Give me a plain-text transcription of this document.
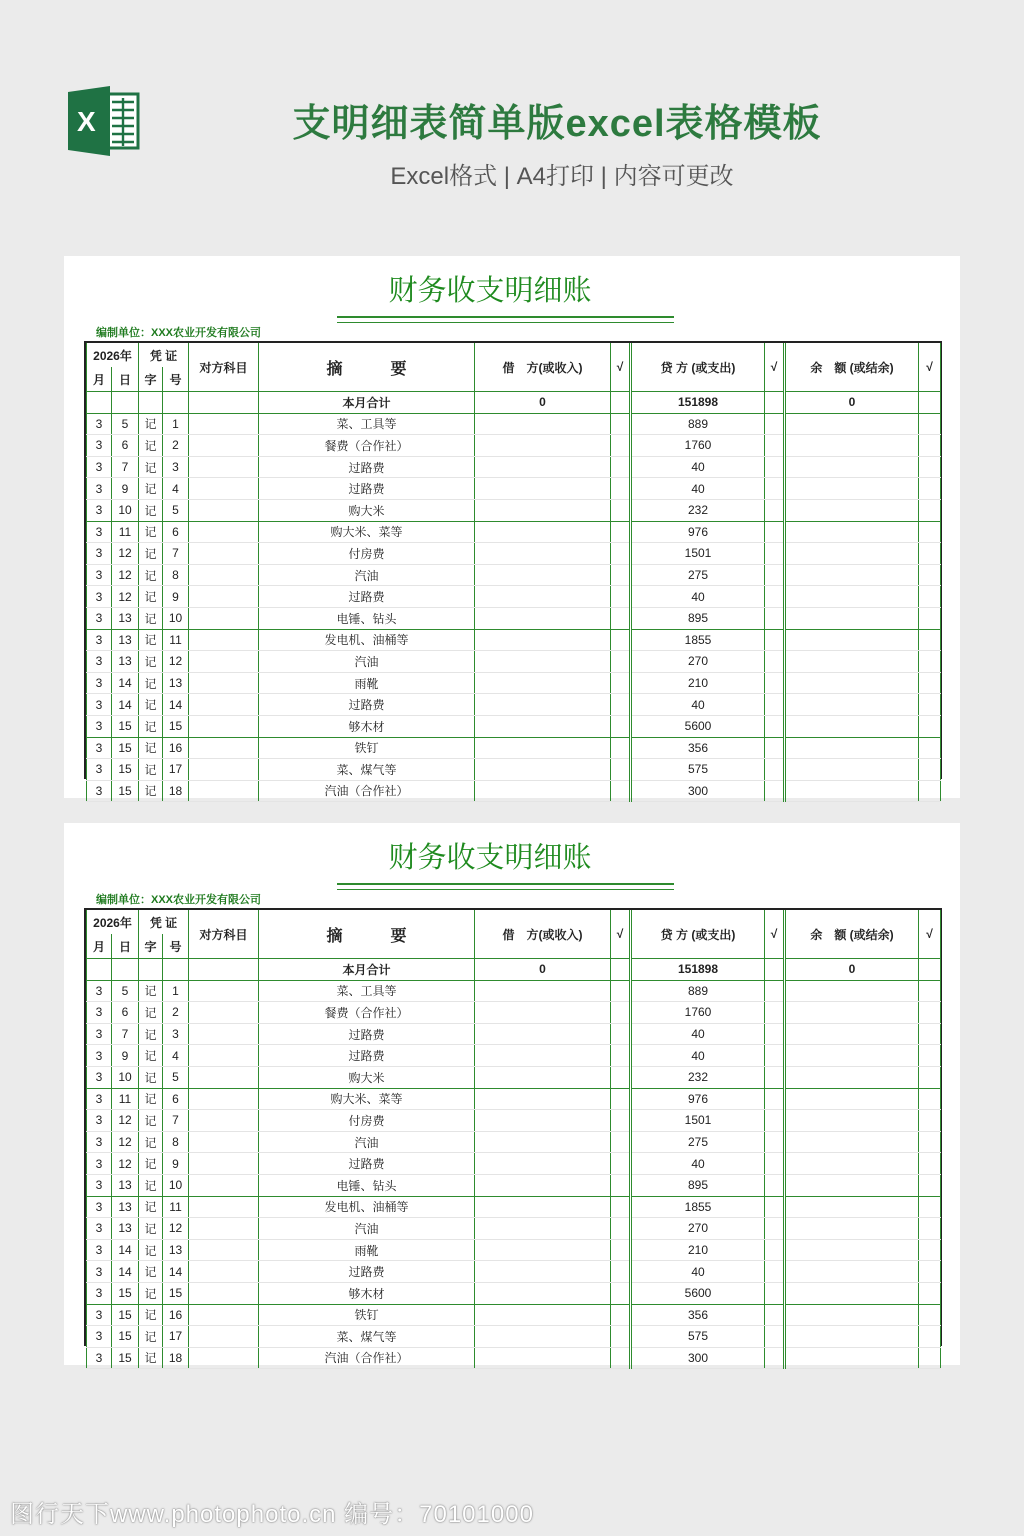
X	支明细表简单版excel表格模板
Excel格式 | A4打印 | 内容可更改
财务收支明细账
编制单位：XXX农业开发有限公司
2026年		凭 证		对方科目	摘　　　要	借　方(或收入)	√	贷 方 (或支出)	√	余　额 (或结余)	√
月	日	字	号								
					本月合计	0		151898		0	
3	5	记	1		菜、工具等			889			
3	6	记	2		餐费（合作社）			1760			
3	7	记	3		过路费			40			
3	9	记	4		过路费			40			
3	10	记	5		购大米			232			
3	11	记	6		购大米、菜等			976			
3	12	记	7		付房费			1501			
3	12	记	8		汽油			275			
3	12	记	9		过路费			40			
3	13	记	10		电锤、钻头			895			
3	13	记	11		发电机、油桶等			1855			
3	13	记	12		汽油			270			
3	14	记	13		雨靴			210			
3	14	记	14		过路费			40			
3	15	记	15		够木材			5600			
3	15	记	16		铁钉			356			
3	15	记	17		菜、煤气等			575			
3	15	记	18		汽油（合作社）			300			
财务收支明细账
编制单位：XXX农业开发有限公司
2026年		凭 证		对方科目	摘　　　要	借　方(或收入)	√	贷 方 (或支出)	√	余　额 (或结余)	√
月	日	字	号								
					本月合计	0		151898		0	
3	5	记	1		菜、工具等			889			
3	6	记	2		餐费（合作社）			1760			
3	7	记	3		过路费			40			
3	9	记	4		过路费			40			
3	10	记	5		购大米			232			
3	11	记	6		购大米、菜等			976			
3	12	记	7		付房费			1501			
3	12	记	8		汽油			275			
3	12	记	9		过路费			40			
3	13	记	10		电锤、钻头			895			
3	13	记	11		发电机、油桶等			1855			
3	13	记	12		汽油			270			
3	14	记	13		雨靴			210			
3	14	记	14		过路费			40			
3	15	记	15		够木材			5600			
3	15	记	16		铁钉			356			
3	15	记	17		菜、煤气等			575			
3	15	记	18		汽油（合作社）			300			
图行天下www.photophoto.cn 编号：70101000
